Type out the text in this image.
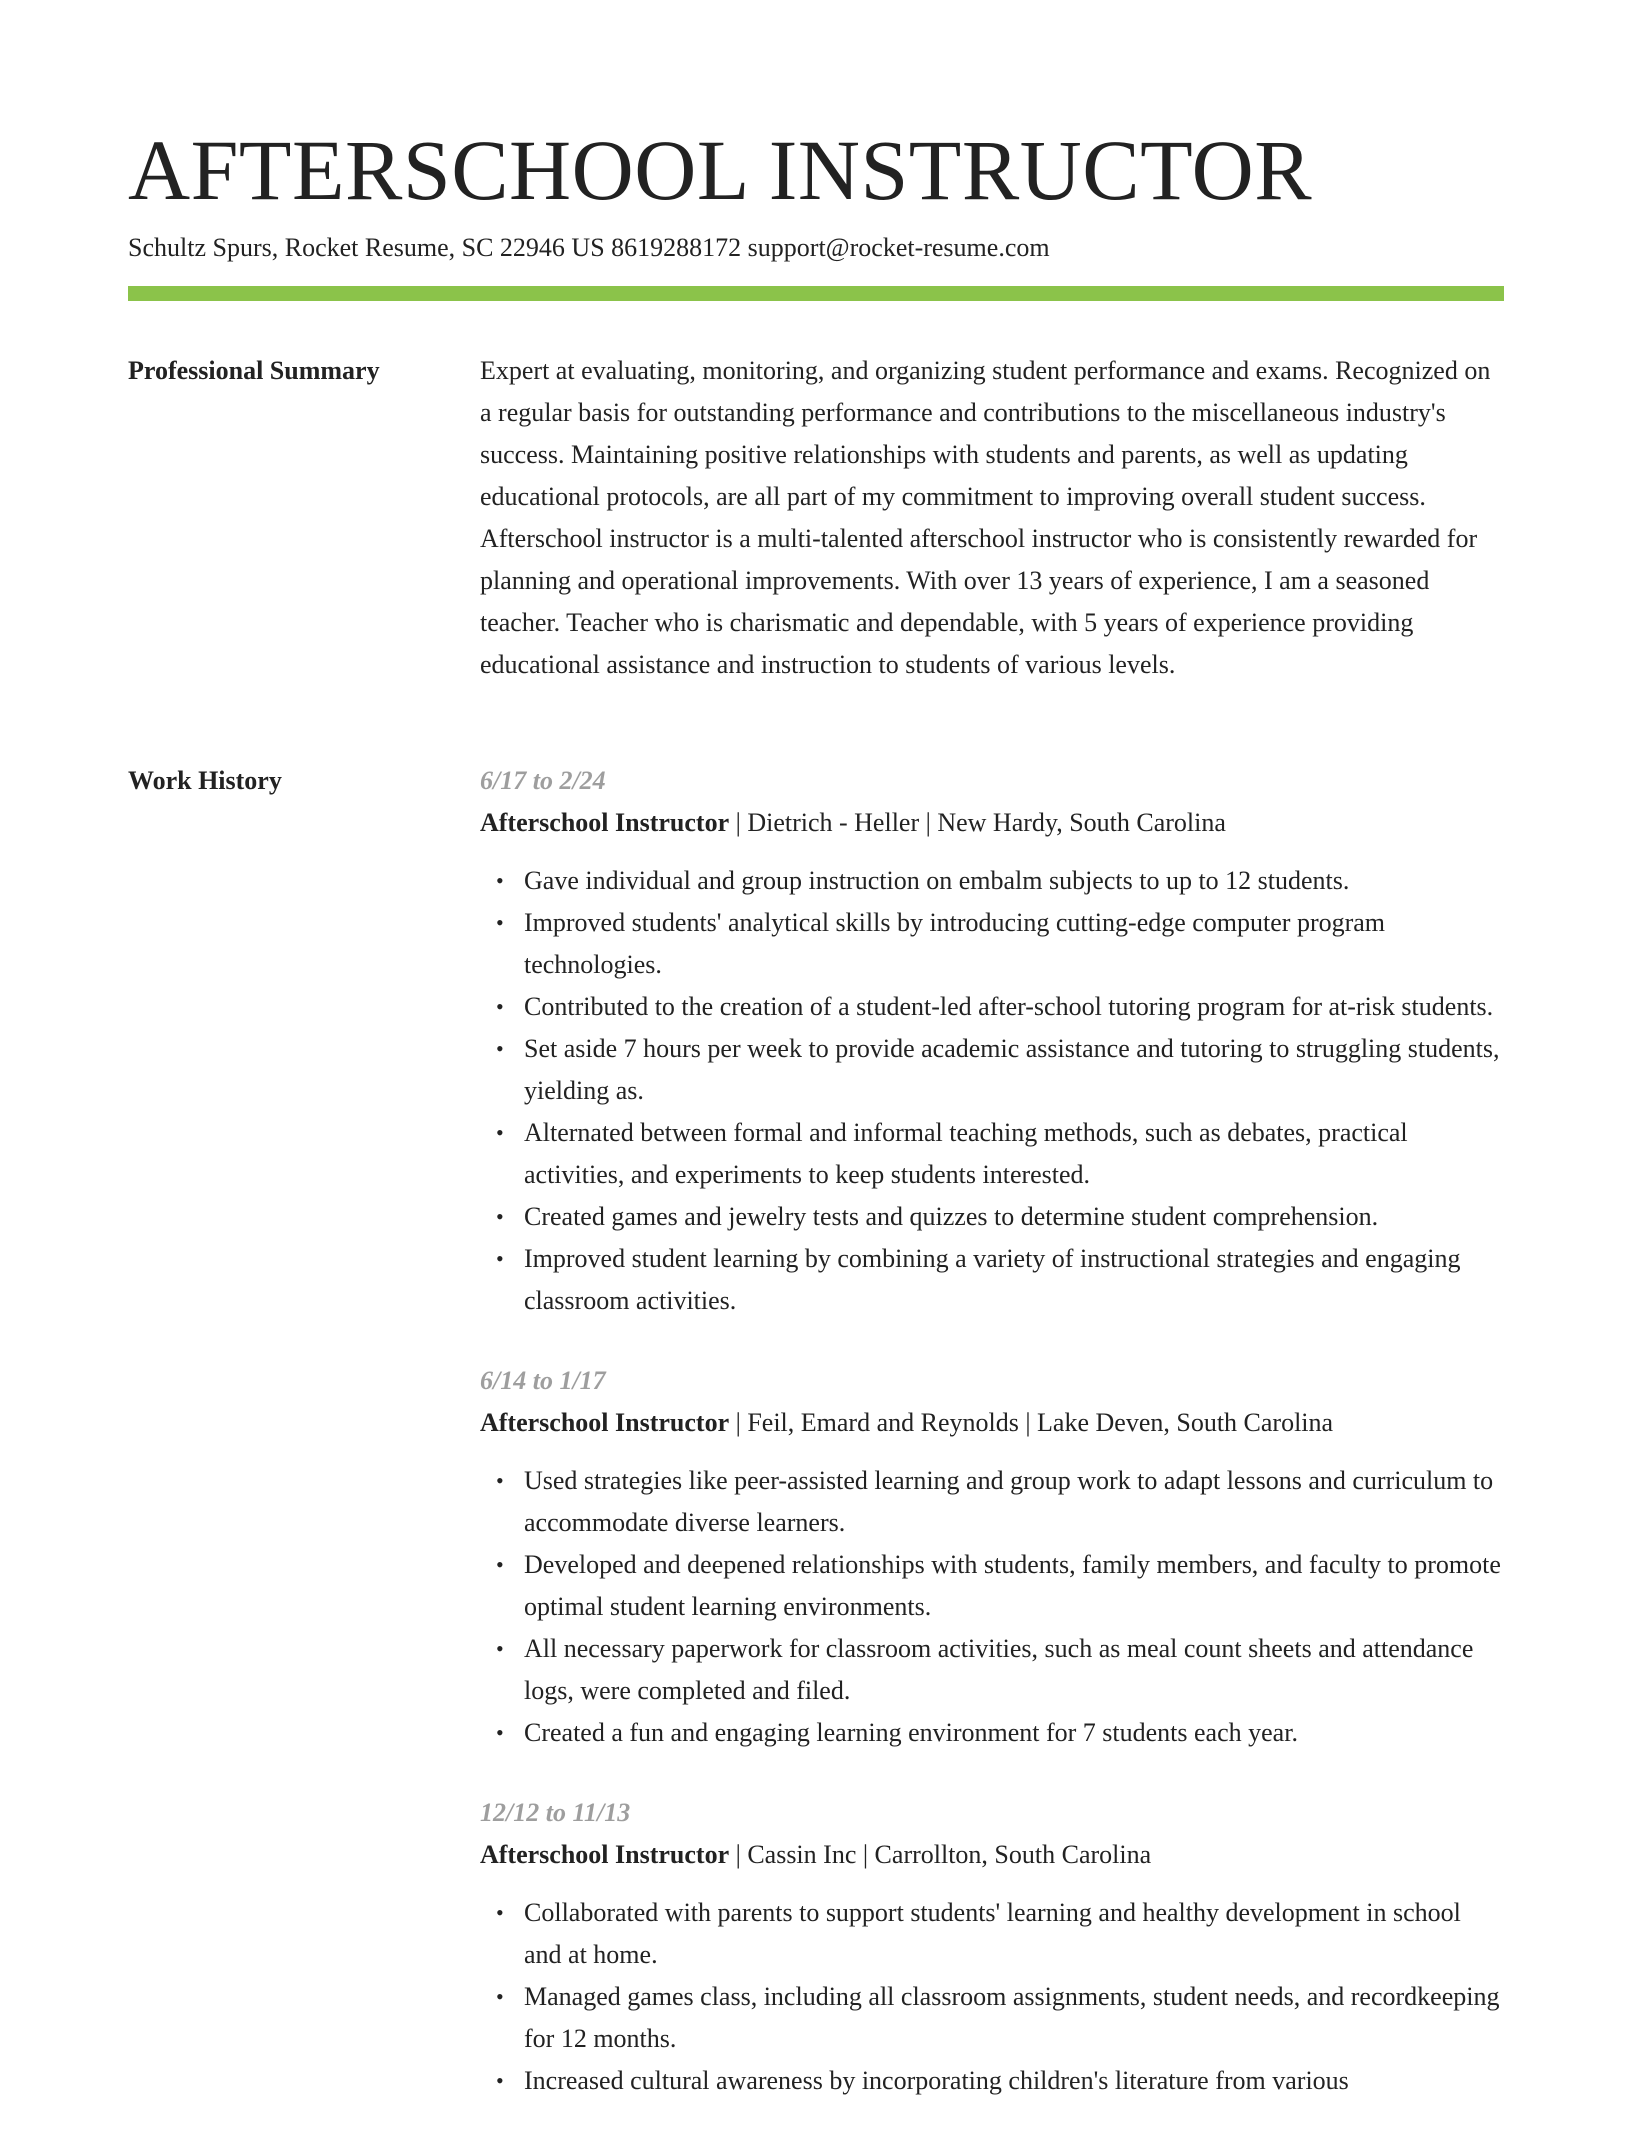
AFTERSCHOOL INSTRUCTOR
Schultz Spurs, Rocket Resume, SC 22946 US 8619288172 support@rocket-resume.com
Professional Summary	Expert at evaluating, monitoring, and organizing student performance and exams. Recognized on a regular basis for outstanding performance and contributions to the miscellaneous industry's success. Maintaining positive relationships with students and parents, as well as updating educational protocols, are all part of my commitment to improving overall student success. Afterschool instructor is a multi-talented afterschool instructor who is consistently rewarded for planning and operational improvements. With over 13 years of experience, I am a seasoned teacher. Teacher who is charismatic and dependable, with 5 years of experience providing educational assistance and instruction to students of various levels.

Work History	6/17 to 2/24
Afterschool Instructor | Dietrich - Heller | New Hardy, South Carolina
• Gave individual and group instruction on embalm subjects to up to 12 students.
• Improved students' analytical skills by introducing cutting-edge computer program technologies.
• Contributed to the creation of a student-led after-school tutoring program for at-risk students.
• Set aside 7 hours per week to provide academic assistance and tutoring to struggling students, yielding as.
• Alternated between formal and informal teaching methods, such as debates, practical activities, and experiments to keep students interested.
• Created games and jewelry tests and quizzes to determine student comprehension.
• Improved student learning by combining a variety of instructional strategies and engaging classroom activities.
6/14 to 1/17
Afterschool Instructor | Feil, Emard and Reynolds | Lake Deven, South Carolina
• Used strategies like peer-assisted learning and group work to adapt lessons and curriculum to accommodate diverse learners.
• Developed and deepened relationships with students, family members, and faculty to promote optimal student learning environments.
• All necessary paperwork for classroom activities, such as meal count sheets and attendance logs, were completed and filed.
• Created a fun and engaging learning environment for 7 students each year.
12/12 to 11/13
Afterschool Instructor | Cassin Inc | Carrollton, South Carolina
• Collaborated with parents to support students' learning and healthy development in school and at home.
• Managed games class, including all classroom assignments, student needs, and recordkeeping for 12 months.
• Increased cultural awareness by incorporating children's literature from various
